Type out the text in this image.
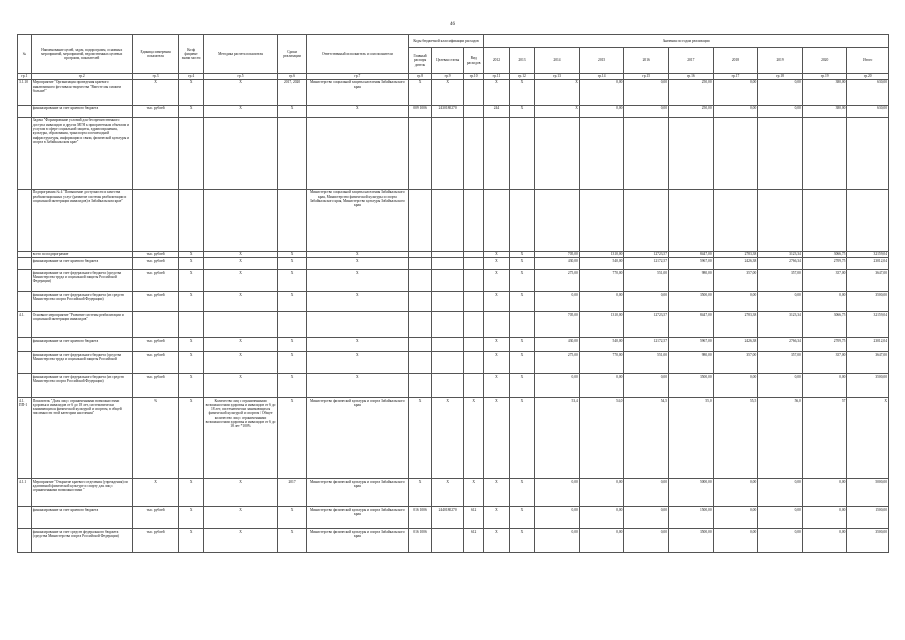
46
№	Наименование целей, задач, подпрограмм, основных мероприятий, мероприятий, ведомственных целевых программ, показателей	Единица измерения показателя	Коэф фициент значи мости	Методика расчета показателя	Сроки реализации	Ответственный исполнитель и соисполнители	Коды бюджетной классификации расходов			Значения по годам реализации									
							Главный распоря дитель	Целевая статья	Вид расходов	2012	2013	2014	2015	2016	2017	2018	2019	2020	Итого
гр.1	гр.2	гр.3	гр.4	гр.5	гр.6	гр.7	гр.8	гр.9	гр.10	гр.11	гр.12	гр.13	гр.14	гр.15	гр.16	гр.17	гр.18	гр.19	гр.20
3.1.10	Мероприятие "Организация проведения краевого инклюзивного фестиваля творчества "Вместе мы сможем больше!"	X	X	X	2017, 2020	Министерство социальной защиты населения Забайкальского края	X	X		X	X	X	0,00	0,00	250,00	0,00	0,00	380,00	630,00
	финансирование за счет краевого бюджета	тыс. рублей	X	X	X	X	009 1006	2430180270		244	X	X	0,00	0,00	250,00	0,00	0,00	380,00	630,00
	Задача "Формирование условий для беспрепятственного доступа инвалидов и других МГН к приоритетным объектам и услугам в сфере социальной защиты, здравоохранения, культуры, образования, транспорта и пешеходной инфраструктуры, информации и связи, физической культуры и спорта в Забайкальском крае"																		
	Подпрограмма № 4 "Повышение доступности и качества реабилитационных услуг (развитие системы реабилитации и социальной интеграции инвалидов) в Забайкальском крае"					Министерство социальной защиты населения Забайкальского края, Министерство физической культуры и спорта Забайкальского края, Министерство культуры Забайкальского края													
	всего по подпрограмме	тыс. рублей	X	X	X	X				X	X	705,00	1310,00	12723,57	8447,00	2783,38	3123,34	3066,75	32159,04
	финансирование за счет краевого бюджета	тыс. рублей	X	X	X	X				X	X	430,00	540,00	12172,57	5967,00	2426,38	2766,34	2709,75	23012,04
	финансирование за счет федерального бюджета (средства Министерства труда и социальной защиты Российской Федерации)	тыс. рублей	X	X	X	X				X	X	275,00	770,00	551,00	980,00	357,00	357,00	357,00	3647,00
	финансирование за счет федерального бюджета (из средств Министерства спорта Российской Федерации)	тыс. рублей	X	X	X	X				X	X	0,00	0,00	0,00	3500,00	0,00	0,00	0,00	3500,00
4.1.	Основное мероприятие "Развитие системы реабилитации и социальной интеграции инвалидов"											705,00	1310,00	12723,57	8447,00	2783,38	3123,34	3066,75	32159,04
	финансирование за счет краевого бюджета	тыс. рублей	X	X	X	X				X	X	430,00	540,00	12172,57	5967,00	2426,38	2766,34	2709,75	23012,04
	финансирование за счет федерального бюджета (средства Министерства труда и социальной защиты Российской	тыс. рублей	X	X	X	X				X	X	275,00	770,00	551,00	980,00	357,00	357,00	357,00	3647,00
	финансирование за счет федерального бюджета (из средств Министерства спорта Российской Федерации)	тыс. рублей	X	X	X	X				X	X	0,00	0,00	0,00	3500,00	0,00	0,00	0,00	3500,00
4.1. ПП-1	Показатель "Доля лиц с ограниченными возможностями здоровья и инвалидов от 6 до 18 лет, систематически занимающихся физической культурой и спортом, в общей численности этой категории населения"	%	X	Количество лиц с ограниченными возможностями здоровья и инвалидов от 6 до 18 лет, систематически занимающихся физической культурой и спортом / Общее количество лиц с ограниченными возможностями здоровья и инвалидов от 6 до 18 лет *100%	X	Министерство физической культуры и спорта Забайкальского края	X	X	X	X	X	53,4	54,0	54,5	55,0	55,5	56,0	57	X
4.1.1	Мероприятие "Открытие краевого отделения (учреждения) по адаптивной физической культуре и спорту для лиц с ограниченными возможностями "	X	X	X	2017	Министерство физической культуры и спорта Забайкальского края	X	X	X	X	X	0,00	0,00	0,00	5000,00	0,00	0,00	0,00	5000,00
	финансирование за счет краевого бюджета	тыс. рублей	X	X	X	Министерство физической культуры и спорта Забайкальского края	016 1006	2440180270	612	X	X	0,00	0,00	0,00	1500,00	0,00	0,00	0,00	1500,00
	финансирование за счет средств федерального бюджета (средства Министерства спорта Российской Федерации)	тыс. рублей	X	X	X	Министерство физической культуры и спорта Забайкальского края	016 1006		612	X	X	0,00	0,00	0,00	3500,00	0,00	0,00	0,00	3500,00
